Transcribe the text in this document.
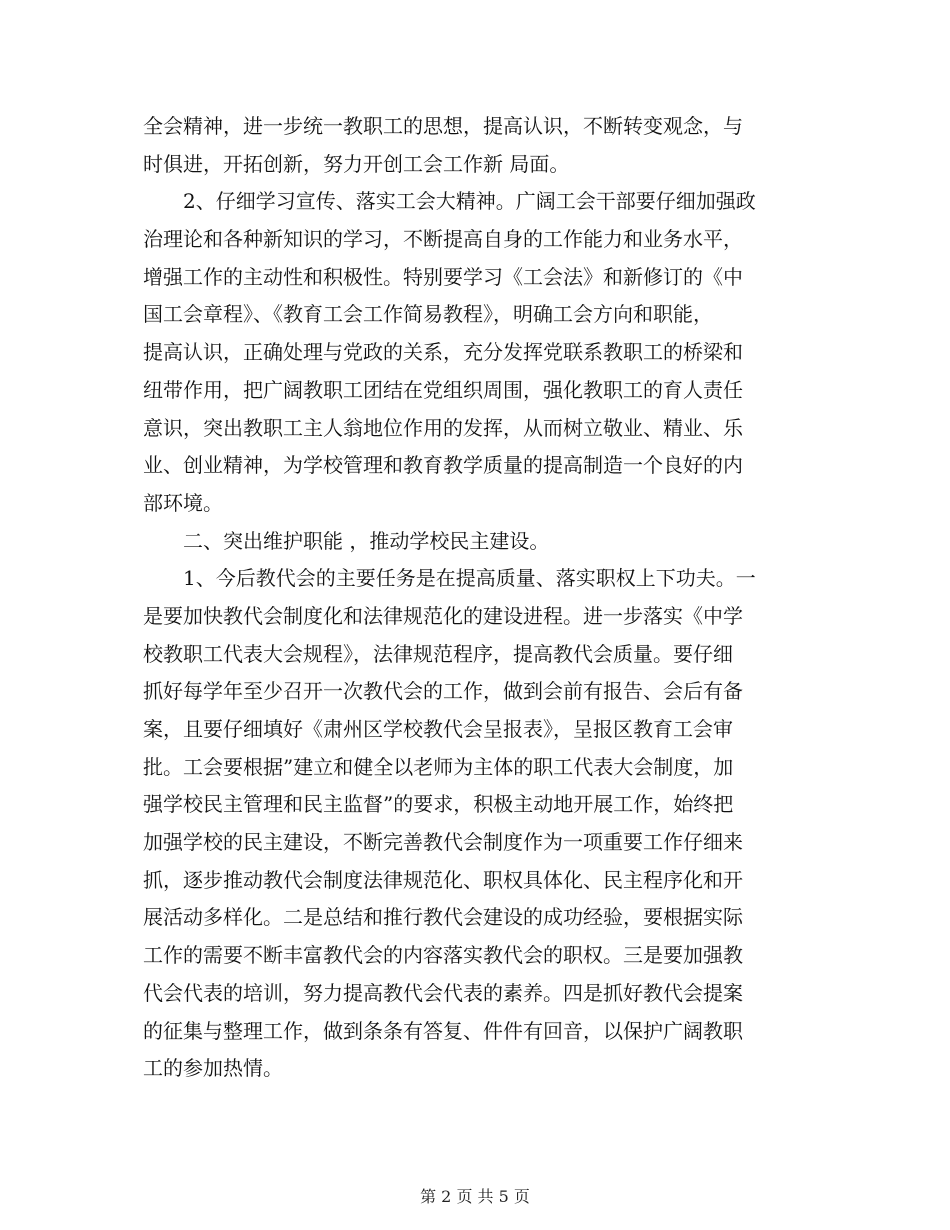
全会精神，进一步统一教职工的思想，提高认识，不断转变观念，与
时俱进，开拓创新，努力开创工会工作新 局面。
2、仔细学习宣传、落实工会大精神。广阔工会干部要仔细加强政
治理论和各种新知识的学习，不断提高自身的工作能力和业务水平，
增强工作的主动性和积极性。特别要学习《工会法》和新修订的《中
国工会章程》、《教育工会工作简易教程》，明确工会方向和职能，
提高认识，正确处理与党政的关系，充分发挥党联系教职工的桥梁和
纽带作用，把广阔教职工团结在党组织周围，强化教职工的育人责任
意识，突出教职工主人翁地位作用的发挥，从而树立敬业、精业、乐
业、创业精神，为学校管理和教育教学质量的提高制造一个良好的内
部环境。
二、突出维护职能 ，推动学校民主建设。
1、今后教代会的主要任务是在提高质量、落实职权上下功夫。一
是要加快教代会制度化和法律规范化的建设进程。进一步落实《中学
校教职工代表大会规程》，法律规范程序，提高教代会质量。要仔细
抓好每学年至少召开一次教代会的工作，做到会前有报告、会后有备
案，且要仔细填好《肃州区学校教代会呈报表》，呈报区教育工会审
批。工会要根据”建立和健全以老师为主体的职工代表大会制度，加
强学校民主管理和民主监督”的要求，积极主动地开展工作，始终把
加强学校的民主建设，不断完善教代会制度作为一项重要工作仔细来
抓，逐步推动教代会制度法律规范化、职权具体化、民主程序化和开
展活动多样化。二是总结和推行教代会建设的成功经验，要根据实际
工作的需要不断丰富教代会的内容落实教代会的职权。三是要加强教
代会代表的培训，努力提高教代会代表的素养。四是抓好教代会提案
的征集与整理工作，做到条条有答复、件件有回音，以保护广阔教职
工的参加热情。
第 2 页 共 5 页
